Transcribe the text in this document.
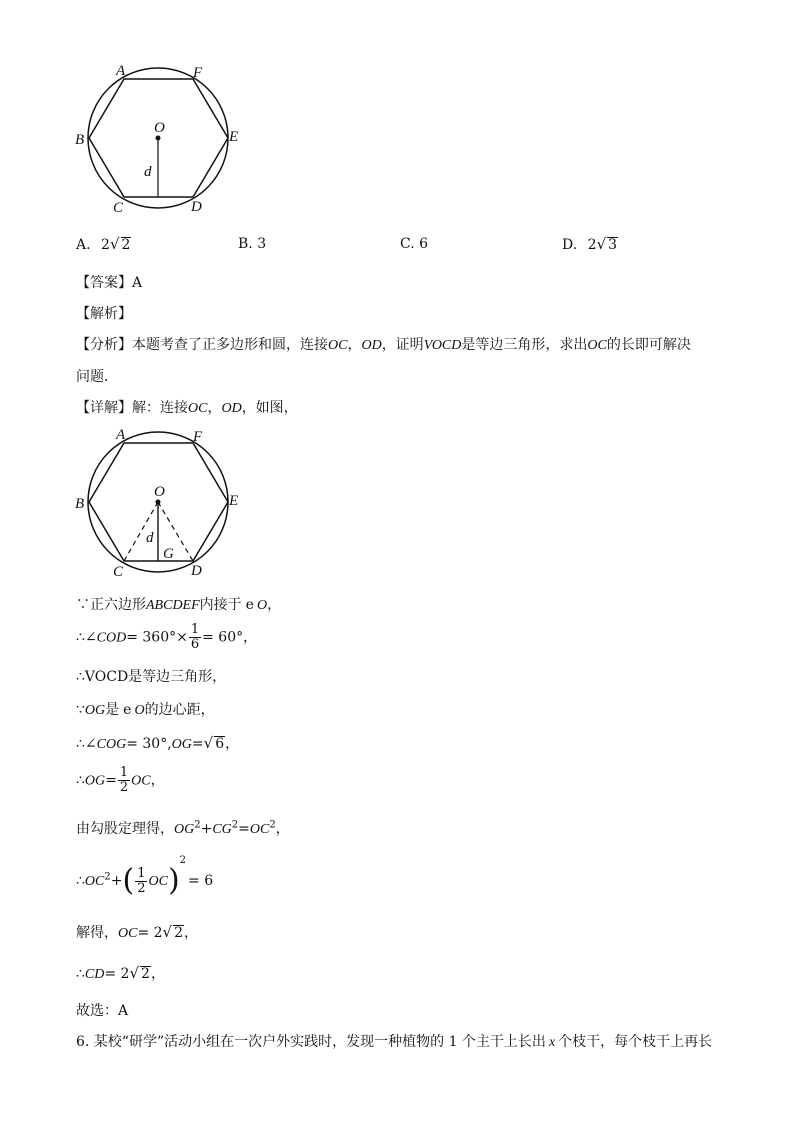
A	F
B	E
C	D
O
d
A. 2√ 2	B. 3	C. 6	D. 2√ 3
【答案】A
【解析】
【分析】本题考查了正多边形和圆，连接OC，OD，证明VOCD是等边三角形，求出OC的长即可解决
问题．
【详解】解：连接OC，OD，如图，
A	F
B	E
C	D
O
d
G
∵正六边形ABCDEF内接于 e O，
∴∠COD= $360^\circ\times \frac{1}{6} = 60^\circ$，
∴VOCD是等边三角形，
∵OG是 e O的边心距，
∴∠COG= 30°,OG=√ 6，
∴OG= $\frac{1}{2}$ OC，
由勾股定理得，$OG^2+CG^2=OC^2$，
$\therefore OC^2+( \frac{1}{2} OC)^2= 6$
解得，OC= 2√ 2，
∴CD= 2√ 2，
故选：A
6. 某校“研学”活动小组在一次户外实践时，发现一种植物的 1 个主干上长出 x 个枝干，每个枝干上再长
